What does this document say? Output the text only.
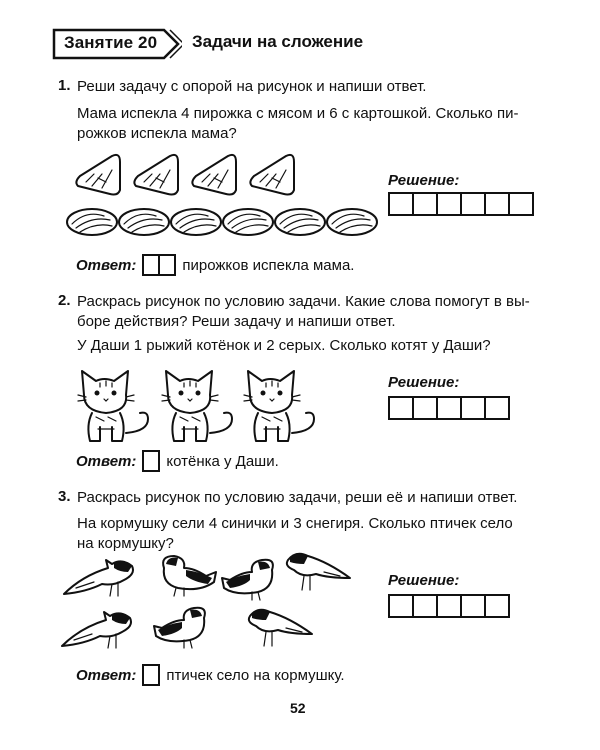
Занятие 20 Задачи на сложение
1. Реши задачу с опорой на рисунок и напиши ответ.
Мама испекла 4 пирожка с мясом и 6 с картошкой. Сколько пи-
рожков испекла мама?
Решение:
Ответ:	пирожков испекла мама.
2. Раскрась рисунок по условию задачи. Какие слова помогут в вы-
боре действия? Реши задачу и напиши ответ.
У Даши 1 рыжий котёнок и 2 серых. Сколько котят у Даши?
Решение:
Ответ: котёнка у Даши.
3. Раскрась рисунок по условию задачи, реши её и напиши ответ.
На кормушку сели 4 синички и 3 снегиря. Сколько птичек село
на кормушку?
Решение:
Ответ: птичек село на кормушку.
52
